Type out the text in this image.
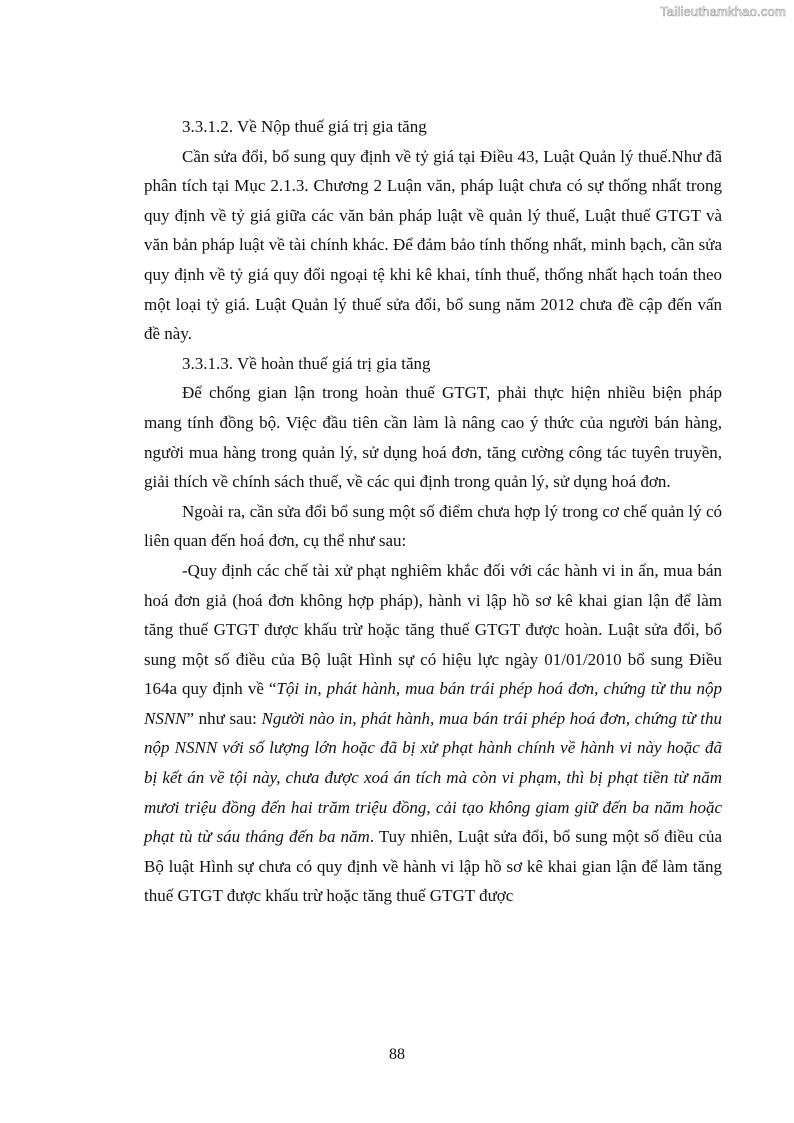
Tailieuthamkhao.com

3.3.1.2. Về Nộp thuế giá trị gia tăng

Cần sửa đổi, bổ sung quy định về tỷ giá tại Điều 43, Luật Quản lý thuế.Như đã phân tích tại Mục 2.1.3. Chương 2 Luận văn, pháp luật chưa có sự thống nhất trong quy định về tỷ giá giữa các văn bản pháp luật về quản lý thuế, Luật thuế GTGT và văn bản pháp luật về tài chính khác. Để đảm bảo tính thống nhất, minh bạch, cần sửa quy định về tỷ giá quy đổi ngoại tệ khi kê khai, tính thuế, thống nhất hạch toán theo một loại tỷ giá. Luật Quản lý thuế sửa đổi, bổ sung năm 2012 chưa đề cập đến vấn đề này.

3.3.1.3. Về hoàn thuế giá trị gia tăng

Để chống gian lận trong hoàn thuế GTGT, phải thực hiện nhiều biện pháp mang tính đồng bộ. Việc đầu tiên cần làm là nâng cao ý thức của người bán hàng, người mua hàng trong quản lý, sử dụng hoá đơn, tăng cường công tác tuyên truyền, giải thích về chính sách thuế, về các qui định trong quản lý, sử dụng hoá đơn.

Ngoài ra, cần sửa đổi bổ sung một số điểm chưa hợp lý trong cơ chế quản lý có liên quan đến hoá đơn, cụ thể như sau:

-Quy định các chế tài xử phạt nghiêm khắc đối với các hành vi in ấn, mua bán hoá đơn giả (hoá đơn không hợp pháp), hành vi lập hồ sơ kê khai gian lận để làm tăng thuế GTGT được khấu trừ hoặc tăng thuế GTGT được hoàn. Luật sửa đổi, bổ sung một số điều của Bộ luật Hình sự có hiệu lực ngày 01/01/2010 bổ sung Điều 164a quy định về “Tội in, phát hành, mua bán trái phép hoá đơn, chứng từ thu nộp NSNN” như sau: Người nào in, phát hành, mua bán trái phép hoá đơn, chứng từ thu nộp NSNN với số lượng lớn hoặc đã bị xử phạt hành chính về hành vi này hoặc đã bị kết án về tội này, chưa được xoá án tích mà còn vi phạm, thì bị phạt tiền từ năm mươi triệu đồng đến hai trăm triệu đồng, cải tạo không giam giữ đến ba năm hoặc phạt tù từ sáu tháng đến ba năm. Tuy nhiên, Luật sửa đổi, bổ sung một số điều của Bộ luật Hình sự chưa có quy định về hành vi lập hồ sơ kê khai gian lận để làm tăng thuế GTGT được khấu trừ hoặc tăng thuế GTGT được

88
